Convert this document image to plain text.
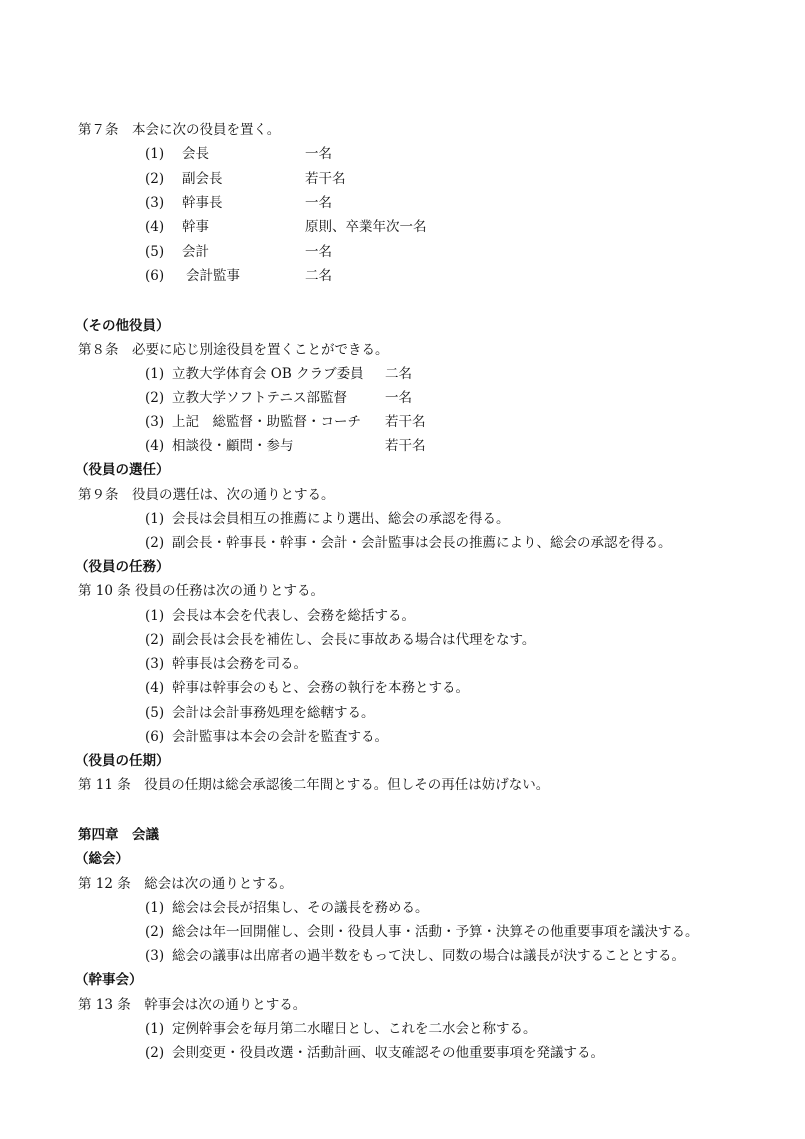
第７条　本会に次の役員を置く。
(1) 会長	一名
(2) 副会長	若干名
(3) 幹事長	一名
(4) 幹事	原則、卒業年次一名
(5) 会計	一名
(6) 会計監事	二名
（その他役員）
第８条　必要に応じ別途役員を置くことができる。
(1) 立教大学体育会 OB クラブ委員 二名
(2) 立教大学ソフトテニス部監督	一名
(3) 上記　総監督・助監督・コーチ 若干名
(4) 相談役・顧問・参与	若干名
（役員の選任）
第９条　役員の選任は、次の通りとする。
(1) 会長は会員相互の推薦により選出、総会の承認を得る。
(2) 副会長・幹事長・幹事・会計・会計監事は会長の推薦により、総会の承認を得る。
（役員の任務）
第 10 条 役員の任務は次の通りとする。
(1) 会長は本会を代表し、会務を総括する。
(2) 副会長は会長を補佐し、会長に事故ある場合は代理をなす。
(3) 幹事長は会務を司る。
(4) 幹事は幹事会のもと、会務の執行を本務とする。
(5) 会計は会計事務処理を総轄する。
(6) 会計監事は本会の会計を監査する。
（役員の任期）
第 11 条　役員の任期は総会承認後二年間とする。但しその再任は妨げない。
第四章　会議
（総会）
第 12 条　総会は次の通りとする。
(1) 総会は会長が招集し、その議長を務める。
(2) 総会は年一回開催し、会則・役員人事・活動・予算・決算その他重要事項を議決する。
(3) 総会の議事は出席者の過半数をもって決し、同数の場合は議長が決することとする。
（幹事会）
第 13 条　幹事会は次の通りとする。
(1) 定例幹事会を毎月第二水曜日とし、これを二水会と称する。
(2) 会則変更・役員改選・活動計画、収支確認その他重要事項を発議する。
